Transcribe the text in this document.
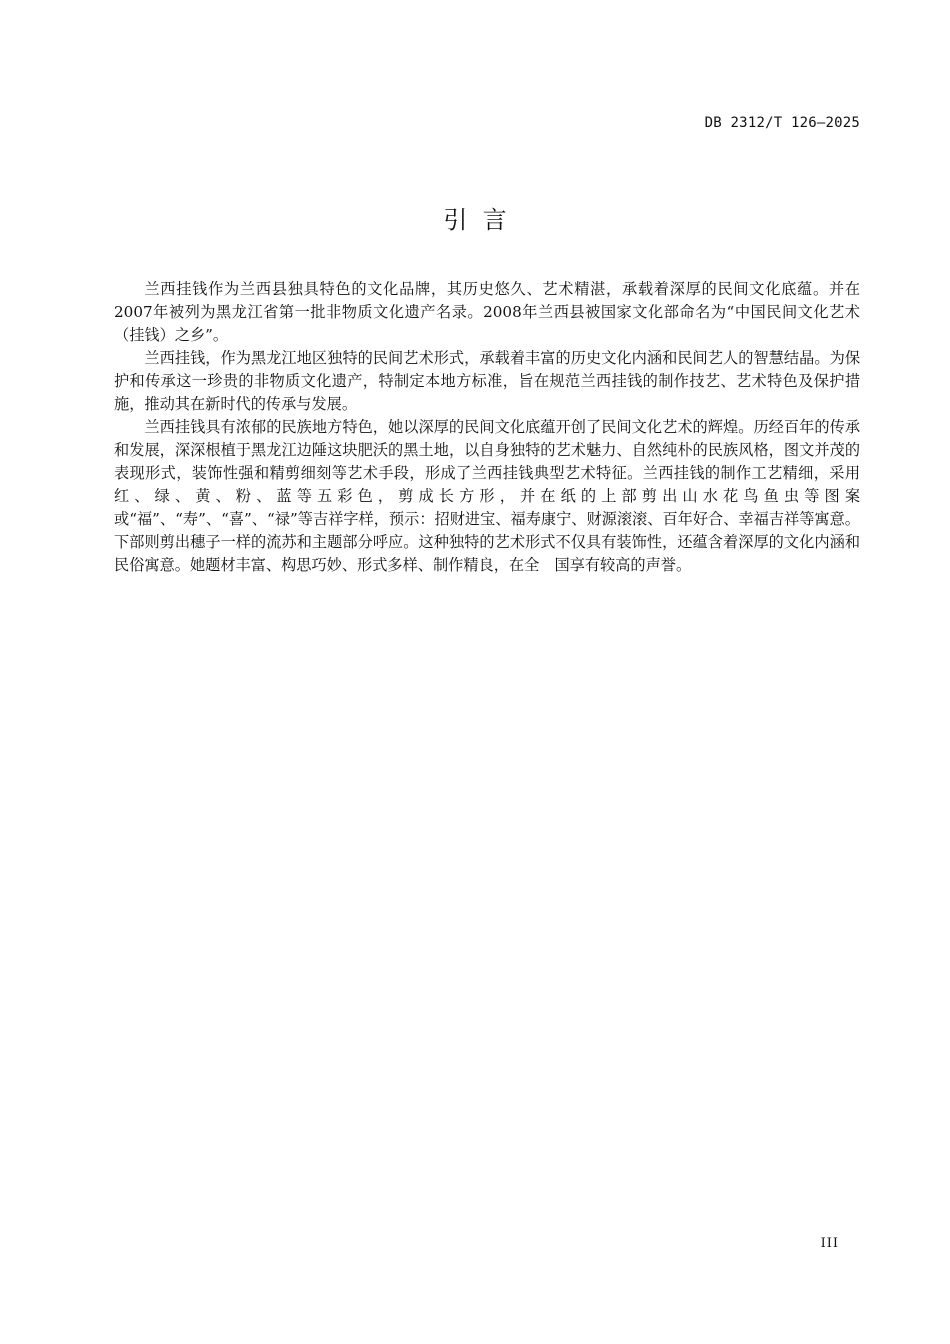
DB 2312/T 126—2025
引  言

兰西挂钱作为兰西县独具特色的文化品牌，其历史悠久、艺术精湛，承载着深厚的民间文化底蕴。并在2007年被列为黑龙江省第一批非物质文化遗产名录。2008年兰西县被国家文化部命名为“中国民间文化艺术（挂钱）之乡”。

兰西挂钱，作为黑龙江地区独特的民间艺术形式，承载着丰富的历史文化内涵和民间艺人的智慧结晶。为保护和传承这一珍贵的非物质文化遗产，特制定本地方标准，旨在规范兰西挂钱的制作技艺、艺术特色及保护措施，推动其在新时代的传承与发展。

兰西挂钱具有浓郁的民族地方特色，她以深厚的民间文化底蕴开创了民间文化艺术的辉煌。历经百年的传承和发展，深深根植于黑龙江边陲这块肥沃的黑土地，以自身独特的艺术魅力、自然纯朴的民族风格，图文并茂的表现形式，装饰性强和精剪细刻等艺术手段，形成了兰西挂钱典型艺术特征。兰西挂钱的制作工艺精细，采用红、绿、黄、粉、蓝等五彩色，剪成长方形，并在纸的上部剪出山水花鸟鱼虫等图案或“福”、“寿”、“喜”、“禄”等吉祥字样，预示：招财进宝、福寿康宁、财源滚滚、百年好合、幸福吉祥等寓意。下部则剪出穗子一样的流苏和主题部分呼应。这种独特的艺术形式不仅具有装饰性，还蕴含着深厚的文化内涵和民俗寓意。她题材丰富、构思巧妙、形式多样、制作精良，在全　国享有较高的声誉。

III
